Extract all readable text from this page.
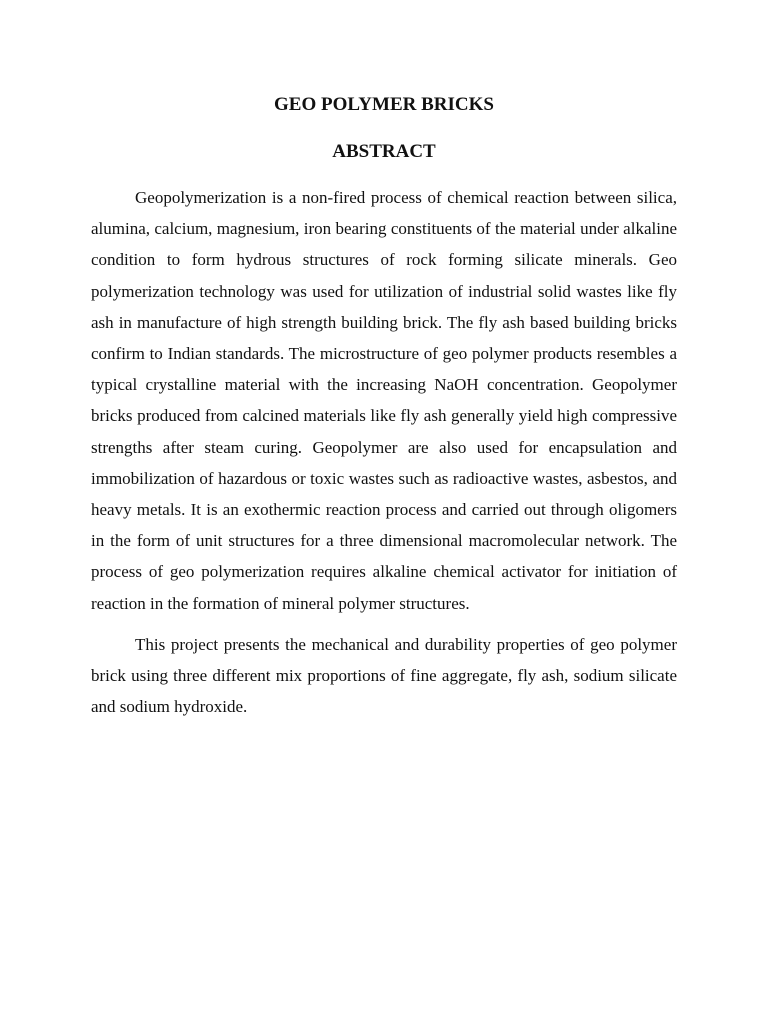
GEO POLYMER BRICKS
ABSTRACT

Geopolymerization is a non-fired process of chemical reaction between silica, alumina, calcium, magnesium, iron bearing constituents of the material under alkaline condition to form hydrous structures of rock forming silicate minerals. Geo polymerization technology was used for utilization of industrial solid wastes like fly ash in manufacture of high strength building brick. The fly ash based building bricks confirm to Indian standards. The microstructure of geo polymer products resembles a typical crystalline material with the increasing NaOH concentration. Geopolymer bricks produced from calcined materials like fly ash generally yield high compressive strengths after steam curing. Geopolymer are also used for encapsulation and immobilization of hazardous or toxic wastes such as radioactive wastes, asbestos, and heavy metals. It is an exothermic reaction process and carried out through oligomers in the form of unit structures for a three dimensional macromolecular network. The process of geo polymerization requires alkaline chemical activator for initiation of reaction in the formation of mineral polymer structures.

This project presents the mechanical and durability properties of geo polymer brick using three different mix proportions of fine aggregate, fly ash, sodium silicate and sodium hydroxide.
